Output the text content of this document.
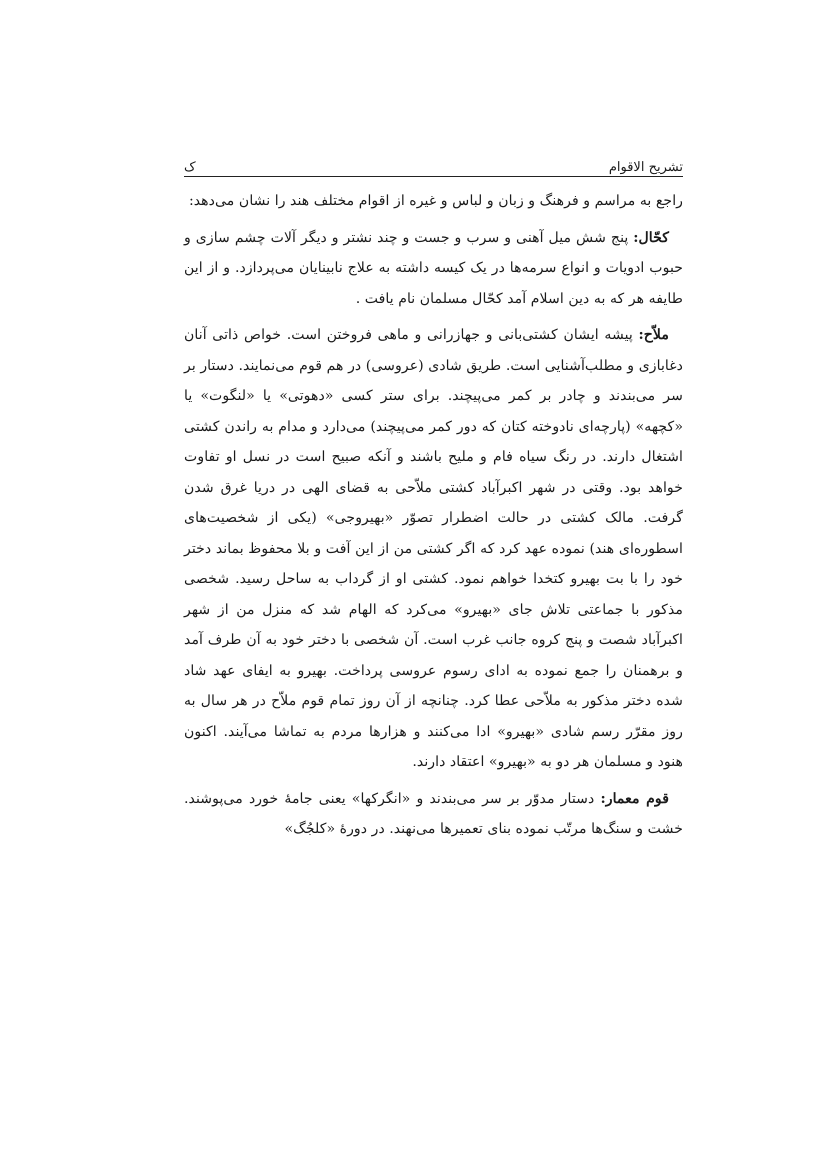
تشریح الاقوام
ک

راجع به مراسم و فرهنگ و زبان و لباس و غیره از اقوام مختلف هند را نشان می‌دهد:

کحّال: پنج شش میل آهنی و سرب و جست و چند نشتر و دیگر آلات چشم سازی و حبوب ادویات و انواع سرمه‌ها در یک کیسه داشته به علاج نابینایان می‌پردازد. و از این طایفه هر که به دین اسلام آمد کحّال مسلمان نام یافت .

ملاّح: پیشه ایشان کشتی‌بانی و جهازرانی و ماهی فروختن است. خواص ذاتی آنان دغابازی و مطلب‌آشنایی است. طریق شادی (عروسی) در هم قوم می‌نمایند. دستار بر سر می‌بندند و چادر بر کمر می‌پیچند. برای ستر کسی «دهوتی» یا «لنگوت» یا «کچهه» (پارچه‌ای نادوخته کتان که دور کمر می‌پیچند) می‌دارد و مدام به راندن کشتی اشتغال دارند. در رنگ سیاه فام و ملیح باشند و آنکه صبیح است در نسل او تفاوت خواهد بود. وقتی در شهر اکبرآباد کشتی ملاّحی به قضای الهی در دریا غرق شدن گرفت. مالک کشتی در حالت اضطرار تصوّر «بهیروجی» (یکی از شخصیت‌های اسطوره‌ای هند) نموده عهد کرد که اگر کشتی من از این آفت و بلا محفوظ بماند دختر خود را با بت بهیرو کتخدا خواهم نمود. کشتی او از گرداب به ساحل رسید. شخصی مذکور با جماعتی تلاش جای «بهیرو» می‌کرد که الهام شد که منزل من از شهر اکبرآباد شصت و پنج کروه جانب غرب است. آن شخصی با دختر خود به آن طرف آمد و برهمنان را جمع نموده به ادای رسوم عروسی پرداخت. بهیرو به ایفای عهد شاد شده دختر مذکور به ملاّحی عطا کرد. چنانچه از آن روز تمام قوم ملاّح در هر سال به روز مقرّر رسم شادی «بهیرو» ادا می‌کنند و هزارها مردم به تماشا می‌آیند. اکنون هنود و مسلمان هر دو به «بهیرو» اعتقاد دارند.

قوم معمار: دستار مدوّر بر سر می‌بندند و «انگرکها» یعنی جامهٔ خورد می‌پوشند. خشت و سنگ‌ها مرتّب نموده بنای تعمیرها می‌نهند. در دورهٔ «کلجُگ»
